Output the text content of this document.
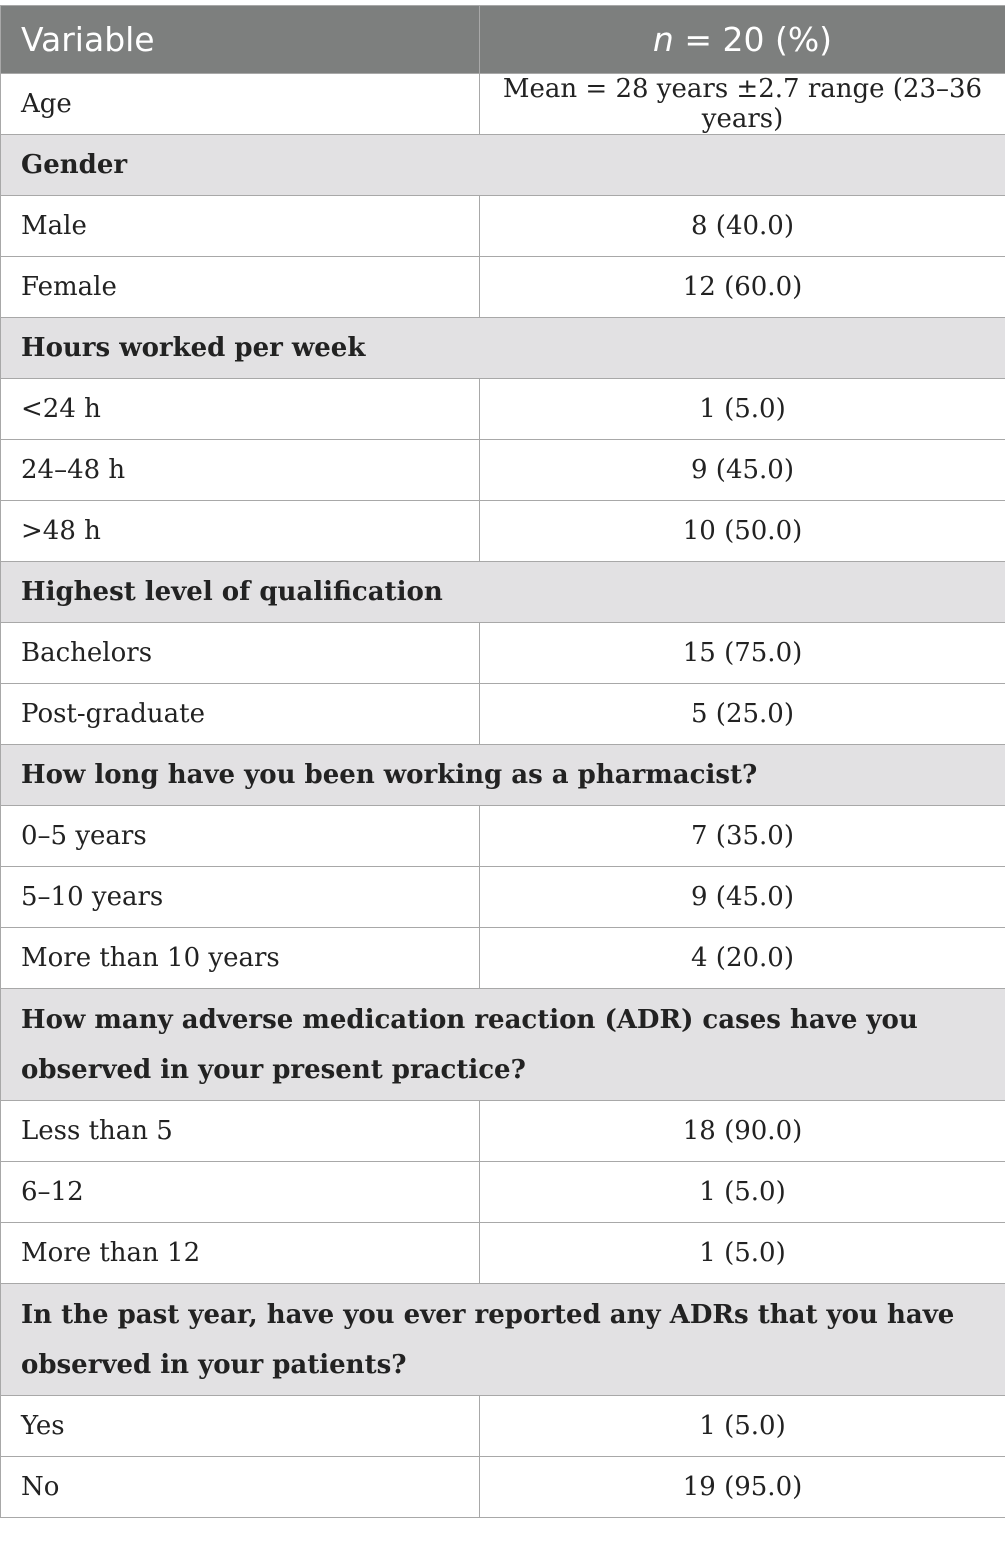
Variable	n = 20 (%)
Age	Mean = 28 years ±2.7 range (23–36 years)
Gender	
Male	8 (40.0)
Female	12 (60.0)
Hours worked per week	
<24 h	1 (5.0)
24–48 h	9 (45.0)
>48 h	10 (50.0)
Highest level of qualification	
Bachelors	15 (75.0)
Post-graduate	5 (25.0)
How long have you been working as a pharmacist?	
0–5 years	7 (35.0)
5–10 years	9 (45.0)
More than 10 years	4 (20.0)
How many adverse medication reaction (ADR) cases have you observed in your present practice?	
Less than 5	18 (90.0)
6–12	1 (5.0)
More than 12	1 (5.0)
In the past year, have you ever reported any ADRs that you have observed in your patients?	
Yes	1 (5.0)
No	19 (95.0)
